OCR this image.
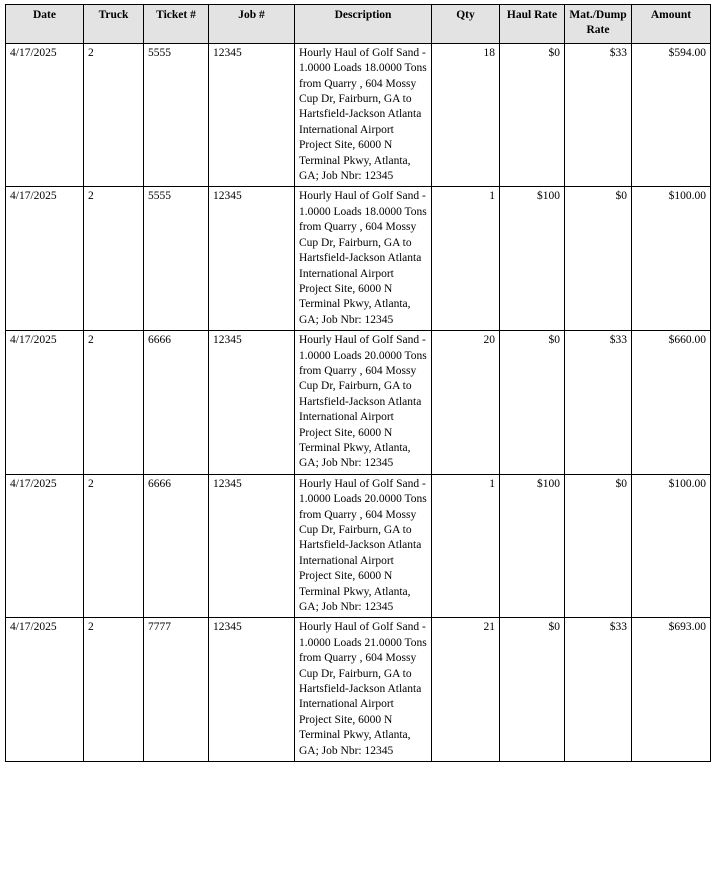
Date	Truck	Ticket #	Job #	Description	Qty	Haul Rate	Mat./Dump Rate	Amount
4/17/2025	2	5555	12345	Hourly Haul of Golf Sand - 1.0000 Loads 18.0000 Tons from Quarry , 604 Mossy Cup Dr, Fairburn, GA to Hartsfield-Jackson Atlanta International Airport Project Site, 6000 N Terminal Pkwy, Atlanta, GA; Job Nbr: 12345	18	$0	$33	$594.00
4/17/2025	2	5555	12345	Hourly Haul of Golf Sand - 1.0000 Loads 18.0000 Tons from Quarry , 604 Mossy Cup Dr, Fairburn, GA to Hartsfield-Jackson Atlanta International Airport Project Site, 6000 N Terminal Pkwy, Atlanta, GA; Job Nbr: 12345	1	$100	$0	$100.00
4/17/2025	2	6666	12345	Hourly Haul of Golf Sand - 1.0000 Loads 20.0000 Tons from Quarry , 604 Mossy Cup Dr, Fairburn, GA to Hartsfield-Jackson Atlanta International Airport Project Site, 6000 N Terminal Pkwy, Atlanta, GA; Job Nbr: 12345	20	$0	$33	$660.00
4/17/2025	2	6666	12345	Hourly Haul of Golf Sand - 1.0000 Loads 20.0000 Tons from Quarry , 604 Mossy Cup Dr, Fairburn, GA to Hartsfield-Jackson Atlanta International Airport Project Site, 6000 N Terminal Pkwy, Atlanta, GA; Job Nbr: 12345	1	$100	$0	$100.00
4/17/2025	2	7777	12345	Hourly Haul of Golf Sand - 1.0000 Loads 21.0000 Tons from Quarry , 604 Mossy Cup Dr, Fairburn, GA to Hartsfield-Jackson Atlanta International Airport Project Site, 6000 N Terminal Pkwy, Atlanta, GA; Job Nbr: 12345	21	$0	$33	$693.00
